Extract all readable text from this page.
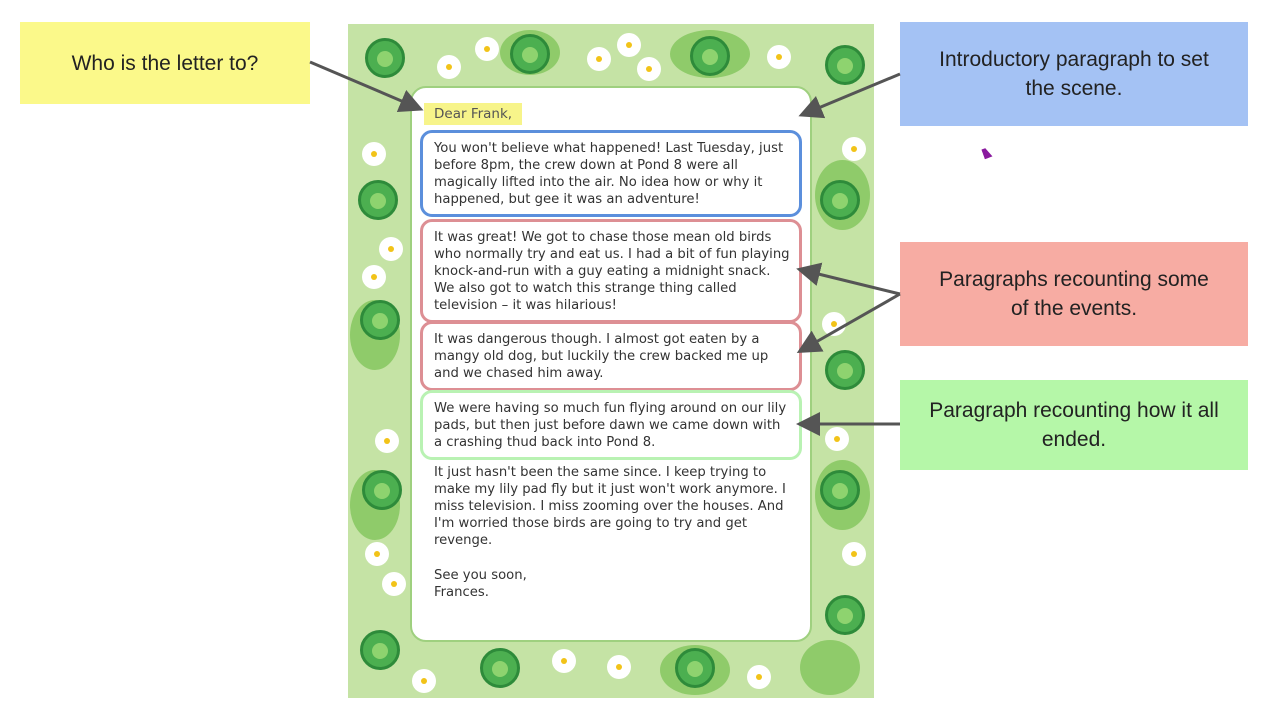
Who is the letter to?	Introductory paragraph to set the scene.
Paragraphs recounting some of the events.
Paragraph recounting how it all ended.
Dear Frank,
You won't believe what happened! Last Tuesday, just before 8pm, the crew down at Pond 8 were all magically lifted into the air. No idea how or why it happened, but gee it was an adventure!
It was great! We got to chase those mean old birds who normally try and eat us. I had a bit of fun playing knock-and-run with a guy eating a midnight snack. We also got to watch this strange thing called television – it was hilarious!
It was dangerous though. I almost got eaten by a mangy old dog, but luckily the crew backed me up and we chased him away.
We were having so much fun flying around on our lily pads, but then just before dawn we came down with a crashing thud back into Pond 8.
It just hasn't been the same since. I keep trying to make my lily pad fly but it just won't work anymore. I miss television. I miss zooming over the houses. And I'm worried those birds are going to try and get revenge.
See you soon,
Frances.
